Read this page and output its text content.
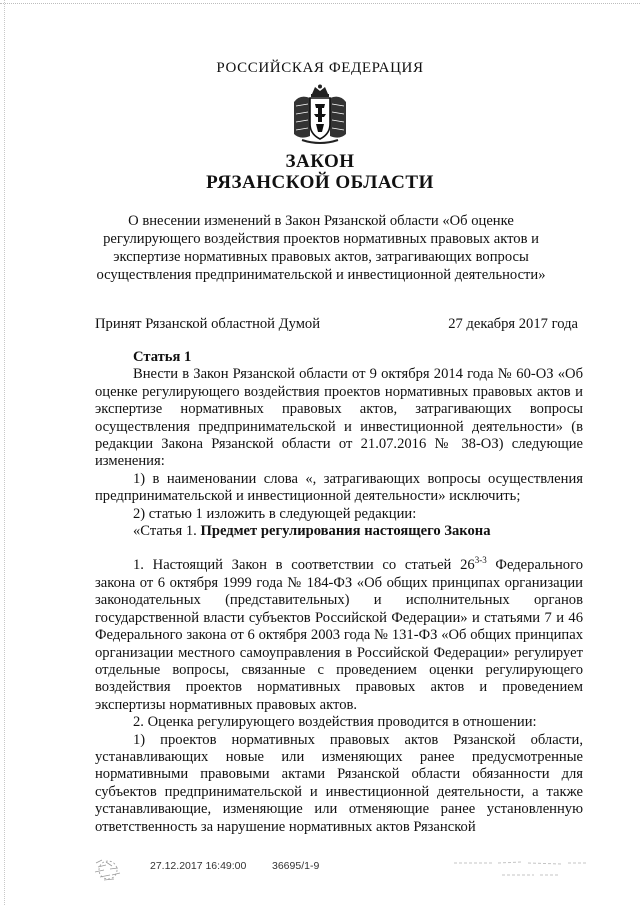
РОССИЙСКАЯ ФЕДЕРАЦИЯ
ЗАКОН
РЯЗАНСКОЙ ОБЛАСТИ
О внесении изменений в Закон Рязанской области «Об оценке
регулирующего воздействия проектов нормативных правовых актов и
экспертизе нормативных правовых актов, затрагивающих вопросы
осуществления предпринимательской и инвестиционной деятельности»
Принят Рязанской областной Думой	27 декабря 2017 года

Статья 1

Внести в Закон Рязанской области от 9 октября 2014 года № 60-ОЗ «Об оценке регулирующего воздействия проектов нормативных правовых актов и экспертизе нормативных правовых актов, затрагивающих вопросы осуществления предпринимательской и инвестиционной деятельности» (в редакции Закона Рязанской области от 21.07.2016 № 38-ОЗ) следующие изменения:

1) в наименовании слова «, затрагивающих вопросы осуществления предпринимательской и инвестиционной деятельности» исключить;

2) статью 1 изложить в следующей редакции:

«Статья 1. Предмет регулирования настоящего Закона

1. Настоящий Закон в соответствии со статьей 26$^{3-3}$ Федерального закона от 6 октября 1999 года № 184-ФЗ «Об общих принципах организации законодательных (представительных) и исполнительных органов государственной власти субъектов Российской Федерации» и статьями 7 и 46 Федерального закона от 6 октября 2003 года № 131-ФЗ «Об общих принципах организации местного самоуправления в Российской Федерации» регулирует отдельные вопросы, связанные с проведением оценки регулирующего воздействия проектов нормативных правовых актов и проведением экспертизы нормативных правовых актов.

2. Оценка регулирующего воздействия проводится в отношении:

1) проектов нормативных правовых актов Рязанской области, устанавливающих новые или изменяющих ранее предусмотренные нормативными правовыми актами Рязанской области обязанности для субъектов предпринимательской и инвестиционной деятельности, а также устанавливающие, изменяющие или отменяющие ранее установленную ответственность за нарушение нормативных актов Рязанской

27.12.2017 16:49:00 36695/1-9
